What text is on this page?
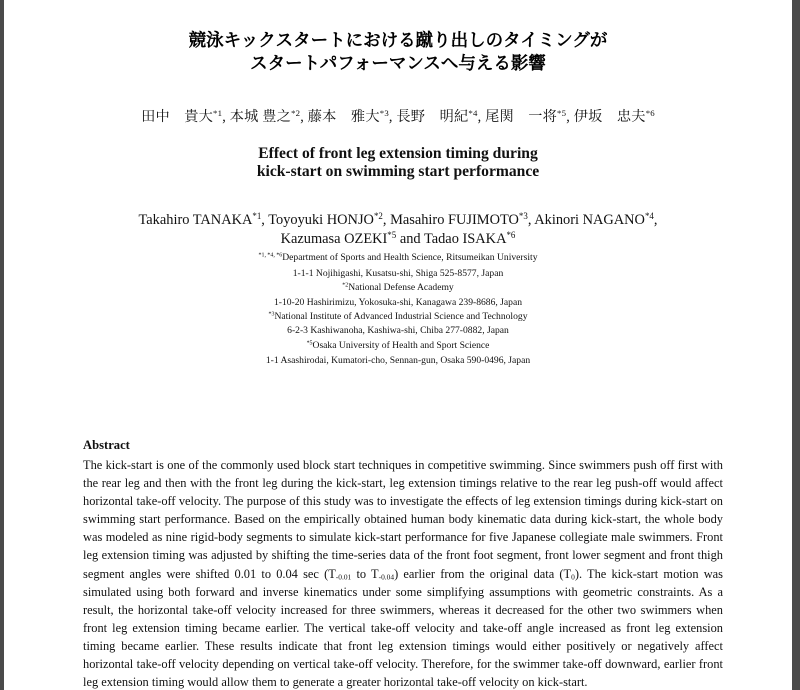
競泳キックスタートにおける蹴り出しのタイミングが
スタートパフォーマンスへ与える影響
田中　貴大$^{*1}$, 本城 豊之$^{*2}$, 藤本　雅大$^{*3}$, 長野　明紀$^{*4}$, 尾関　一将$^{*5}$, 伊坂　忠夫$^{*6}$
Effect of front leg extension timing during
kick-start on swimming start performance
Takahiro TANAKA$^{*1}$, Toyoyuki HONJO$^{*2}$, Masahiro FUJIMOTO$^{*3}$, Akinori NAGANO$^{*4}$,
Kazumasa OZEKI$^{*5}$ and Tadao ISAKA$^{*6}$
$^{*1, *4, *6}$Department of Sports and Health Science, Ritsumeikan University
1-1-1 Nojihigashi, Kusatsu-shi, Shiga 525-8577, Japan
$^{*2}$National Defense Academy
1-10-20 Hashirimizu, Yokosuka-shi, Kanagawa 239-8686, Japan
$^{*3}$National Institute of Advanced Industrial Science and Technology
6-2-3 Kashiwanoha, Kashiwa-shi, Chiba 277-0882, Japan
$^{*5}$Osaka University of Health and Sport Science
1-1 Asashirodai, Kumatori-cho, Sennan-gun, Osaka 590-0496, Japan
Abstract
The kick-start is one of the commonly used block start techniques in competitive swimming. Since swimmers push off first with the rear leg and then with the front leg during the kick-start, leg extension timings relative to the rear leg push-off would affect horizontal take-off velocity. The purpose of this study was to investigate the effects of leg extension timings during kick-start on swimming start performance. Based on the empirically obtained human body kinematic data during kick-start, the whole body was modeled as nine rigid-body segments to simulate kick-start performance for five Japanese collegiate male swimmers. Front leg extension timing was adjusted by shifting the time-series data of the front foot segment, front lower segment and front thigh segment angles were shifted 0.01 to 0.04 $\sec (T_{-0.01}$ to $T_{-0.04}$) earlier from the original data $(T_0)$. The kick-start motion was simulated using both forward and inverse kinematics under some simplifying assumptions with geometric constraints. As a result, the horizontal take-off velocity increased for three swimmers, whereas it decreased for the other two swimmers when front leg extension timing became earlier. The vertical take-off velocity and take-off angle increased as front leg extension timing became earlier. These results indicate that front leg extension timings would either positively or negatively affect horizontal take-off velocity depending on vertical take-off velocity. Therefore, for the swimmer take-off downward, earlier front leg extension timing would allow them to generate a greater horizontal take-off velocity on kick-start.
